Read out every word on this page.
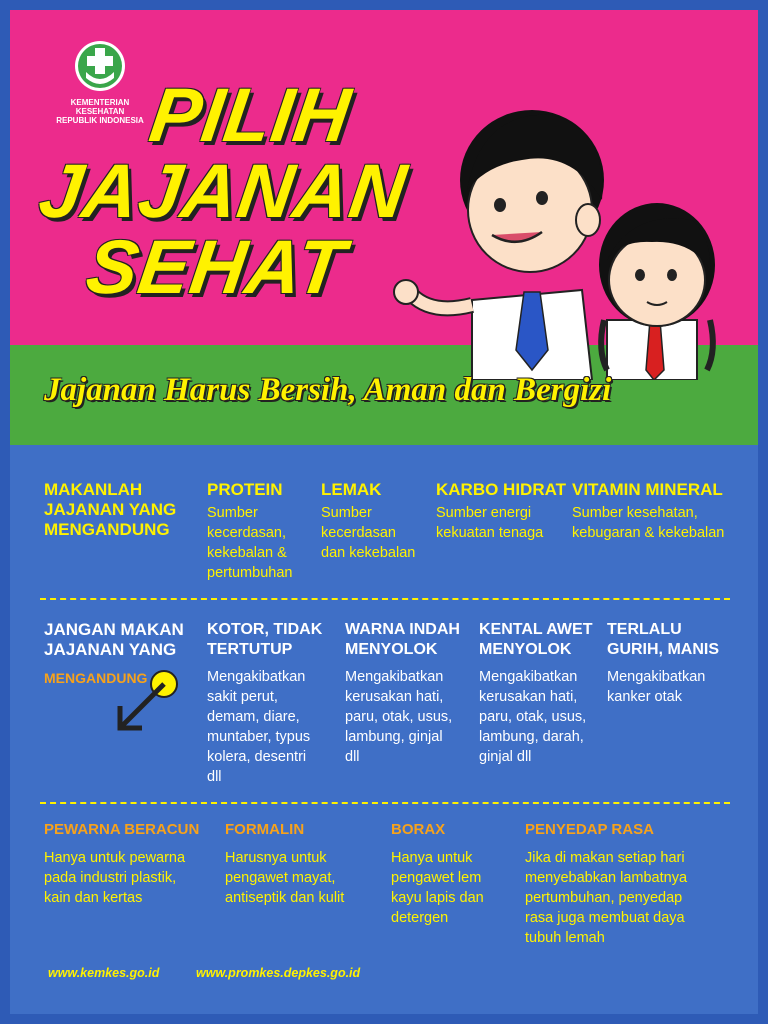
KEMENTERIAN KESEHATAN
REPUBLIK INDONESIA PILIH
JAJANAN
SEHAT
Jajanan Harus Bersih, Aman dan Bergizi
MAKANLAH
JAJANAN YANG
MENGANDUNG
PROTEIN
Sumber
kecerdasan,
kekebalan &
pertumbuhan
LEMAK
Sumber
kecerdasan
dan kekebalan
KARBO HIDRAT
Sumber energi
kekuatan tenaga
VITAMIN MINERAL
Sumber kesehatan,
kebugaran & kekebalan
JANGAN MAKAN
JAJANAN YANG
MENGANDUNG
KOTOR, TIDAK
TERTUTUP
Mengakibatkan
sakit perut,
demam, diare,
muntaber, typus
kolera, desentri
dll
WARNA INDAH
MENYOLOK
Mengakibatkan
kerusakan hati,
paru, otak, usus,
lambung, ginjal
dll
KENTAL AWET
MENYOLOK
Mengakibatkan
kerusakan hati,
paru, otak, usus,
lambung, darah,
ginjal dll
TERLALU
GURIH, MANIS
Mengakibatkan
kanker otak
PEWARNA BERACUN
Hanya untuk pewarna
pada industri plastik,
kain dan kertas
FORMALIN
Harusnya untuk
pengawet mayat,
antiseptik dan kulit
BORAX
Hanya untuk
pengawet lem
kayu lapis dan
detergen
PENYEDAP RASA
Jika di makan setiap hari
menyebabkan lambatnya
pertumbuhan, penyedap
rasa juga membuat daya
tubuh lemah
www.kemkes.go.id	www.promkes.depkes.go.id
